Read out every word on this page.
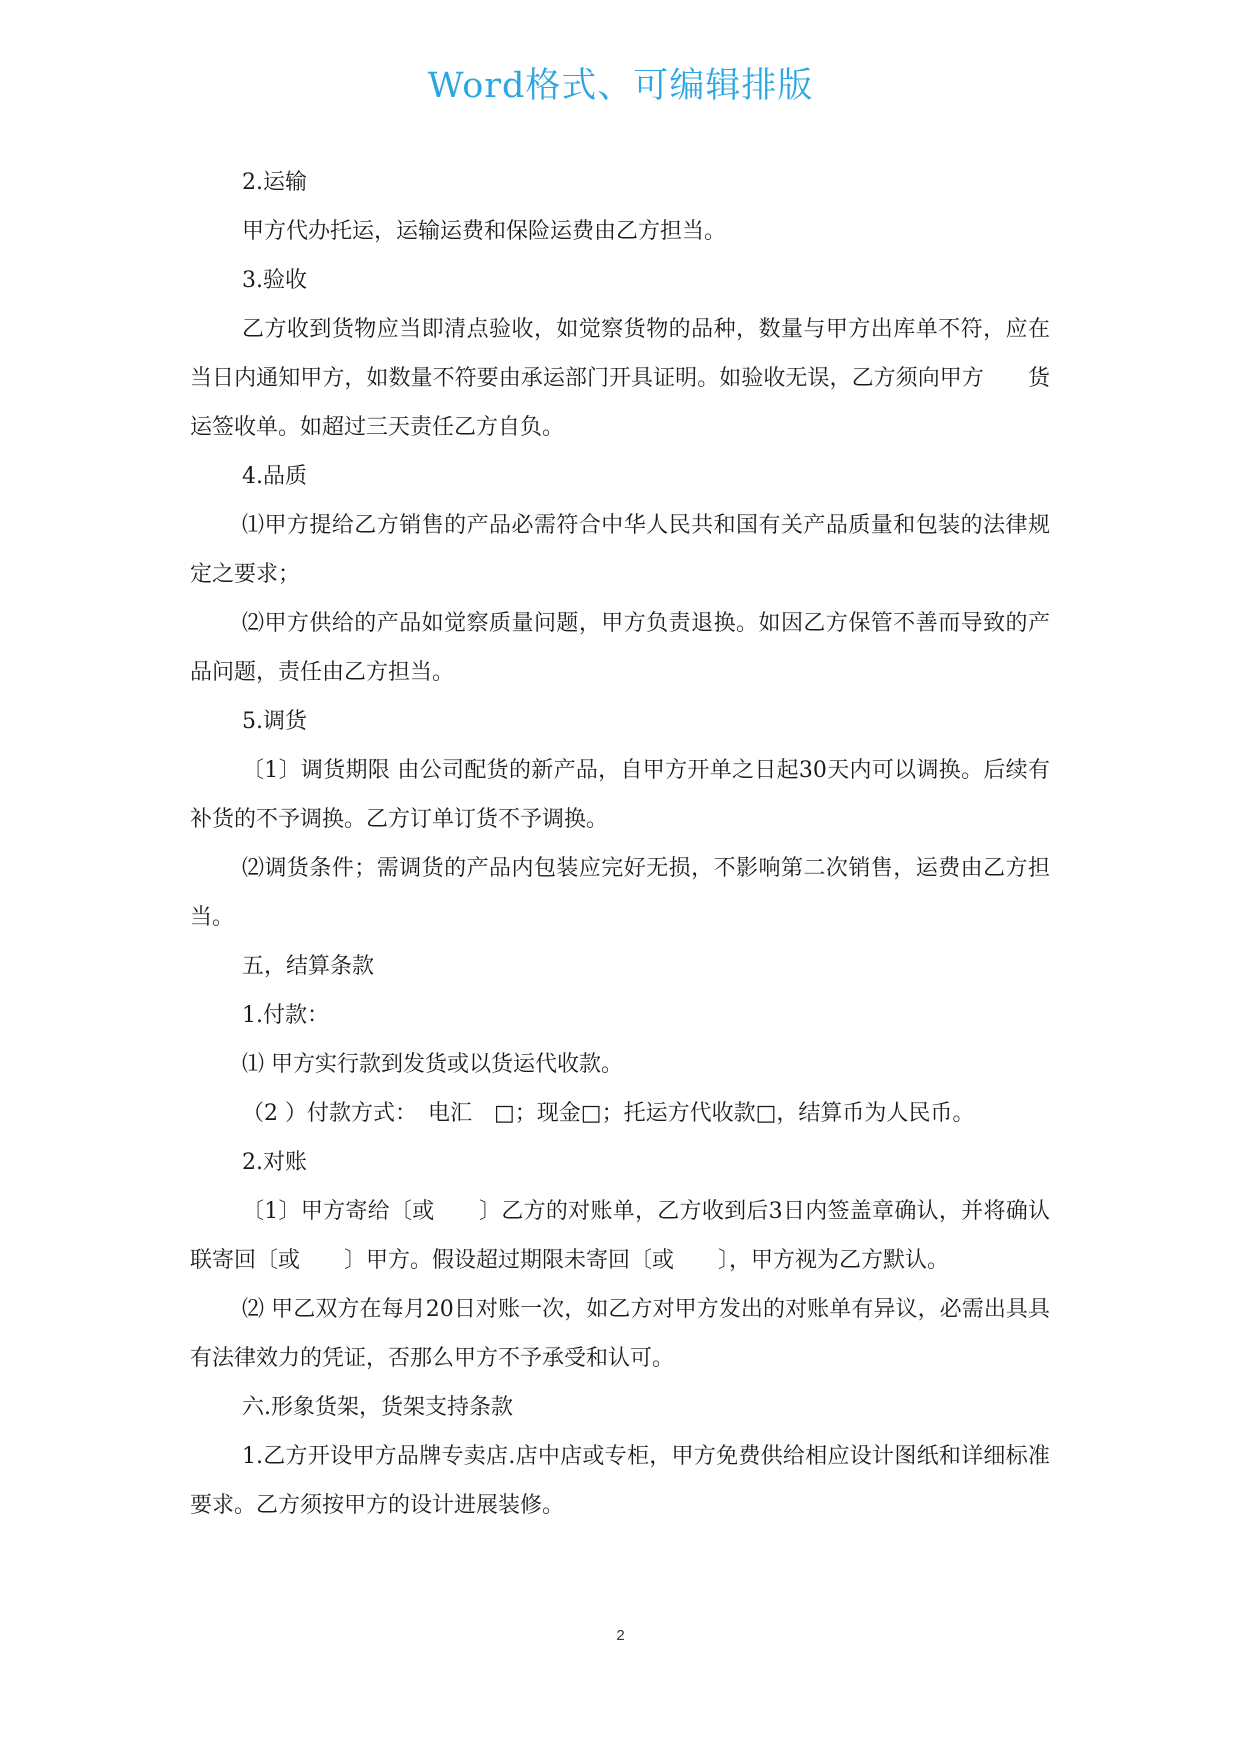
Word格式、可编辑排版

2.运输

甲方代办托运，运输运费和保险运费由乙方担当。

3.验收

乙方收到货物应当即清点验收，如觉察货物的品种，数量与甲方出库单不符，应在当日内通知甲方，如数量不符要由承运部门开具证明。如验收无误，乙方须向甲方　　货运签收单。如超过三天责任乙方自负。

4.品质

⑴甲方提给乙方销售的产品必需符合中华人民共和国有关产品质量和包装的法律规定之要求；

⑵甲方供给的产品如觉察质量问题，甲方负责退换。如因乙方保管不善而导致的产品问题，责任由乙方担当。

5.调货

〔1〕调货期限 由公司配货的新产品，自甲方开单之日起30天内可以调换。后续有补货的不予调换。乙方订单订货不予调换。

⑵调货条件；需调货的产品内包装应完好无损，不影响第二次销售，运费由乙方担当。

五，结算条款

1.付款：

⑴ 甲方实行款到发货或以货运代收款。

（2 ）付款方式：　电汇　□；现金□；托运方代收款□，结算币为人民币。

2.对账

〔1〕甲方寄给〔或　　〕乙方的对账单，乙方收到后3日内签盖章确认，并将确认联寄回〔或　　〕甲方。假设超过期限未寄回〔或　　〕，甲方视为乙方默认。

⑵ 甲乙双方在每月20日对账一次，如乙方对甲方发出的对账单有异议，必需出具具有法律效力的凭证，否那么甲方不予承受和认可。

六.形象货架，货架支持条款

1.乙方开设甲方品牌专卖店.店中店或专柜，甲方免费供给相应设计图纸和详细标准要求。乙方须按甲方的设计进展装修。

2
